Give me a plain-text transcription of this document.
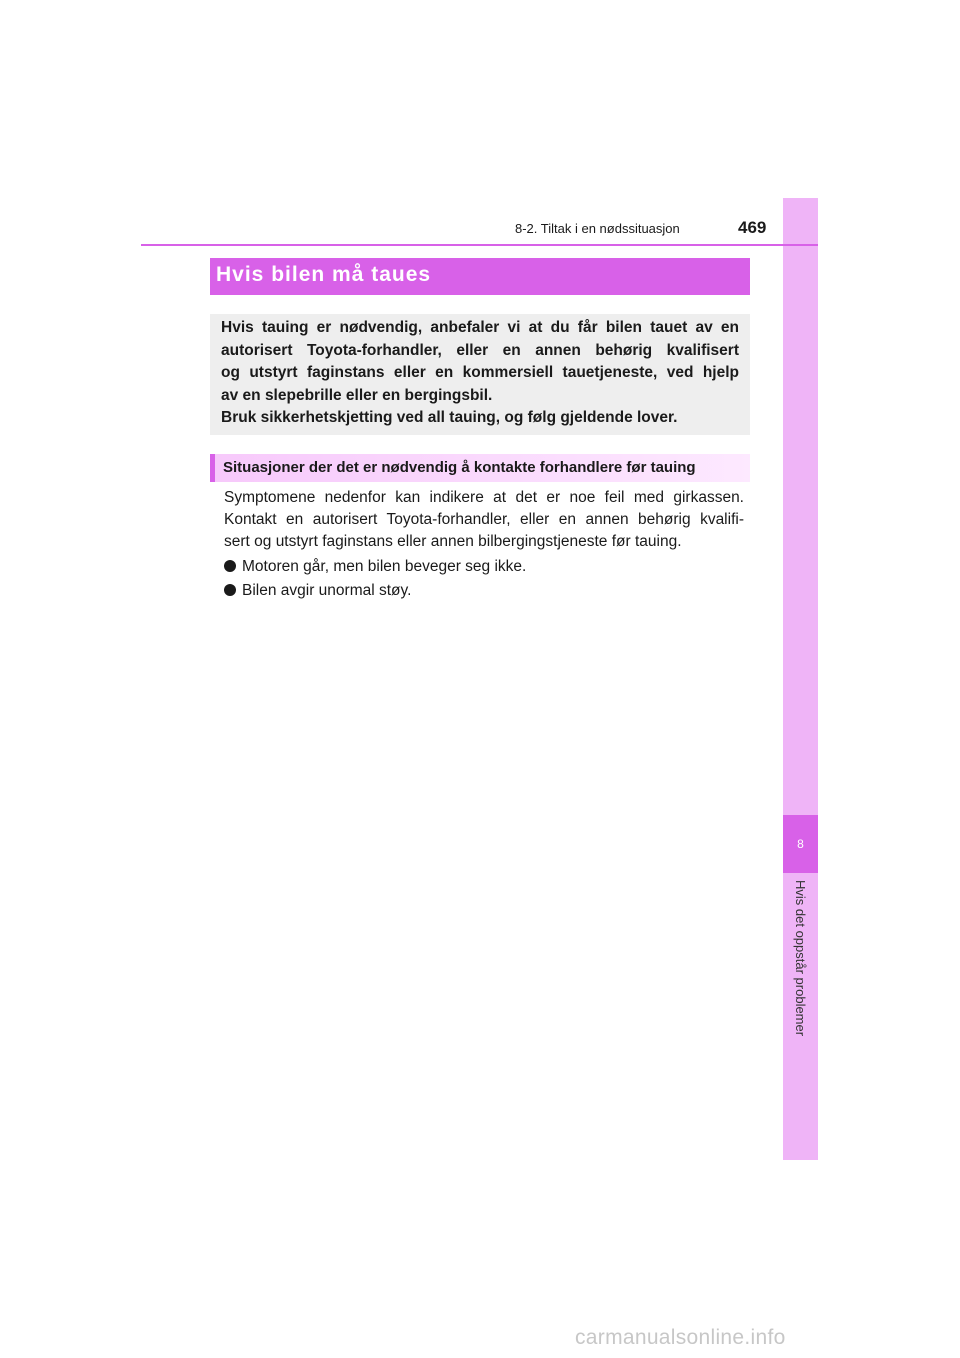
8
Hvis det oppstår problemer
8-2. Tiltak i en nødssituasjon	469
Hvis bilen må taues

Hvis tauing er nødvendig, anbefaler vi at du får bilen tauet av en

autorisert Toyota-forhandler, eller en annen behørig kvalifisert

og utstyrt faginstans eller en kommersiell tauetjeneste, ved hjelp

av en slepebrille eller en bergingsbil.

Bruk sikkerhetskjetting ved all tauing, og følg gjeldende lover.

Situasjoner der det er nødvendig å kontakte forhandlere før tauing

Symptomene nedenfor kan indikere at det er noe feil med girkassen.

Kontakt en autorisert Toyota-forhandler, eller en annen behørig kvalifi-

sert og utstyrt faginstans eller annen bilbergingstjeneste før tauing.

Motoren går, men bilen beveger seg ikke.
Bilen avgir unormal støy.
carmanualsonline.info
